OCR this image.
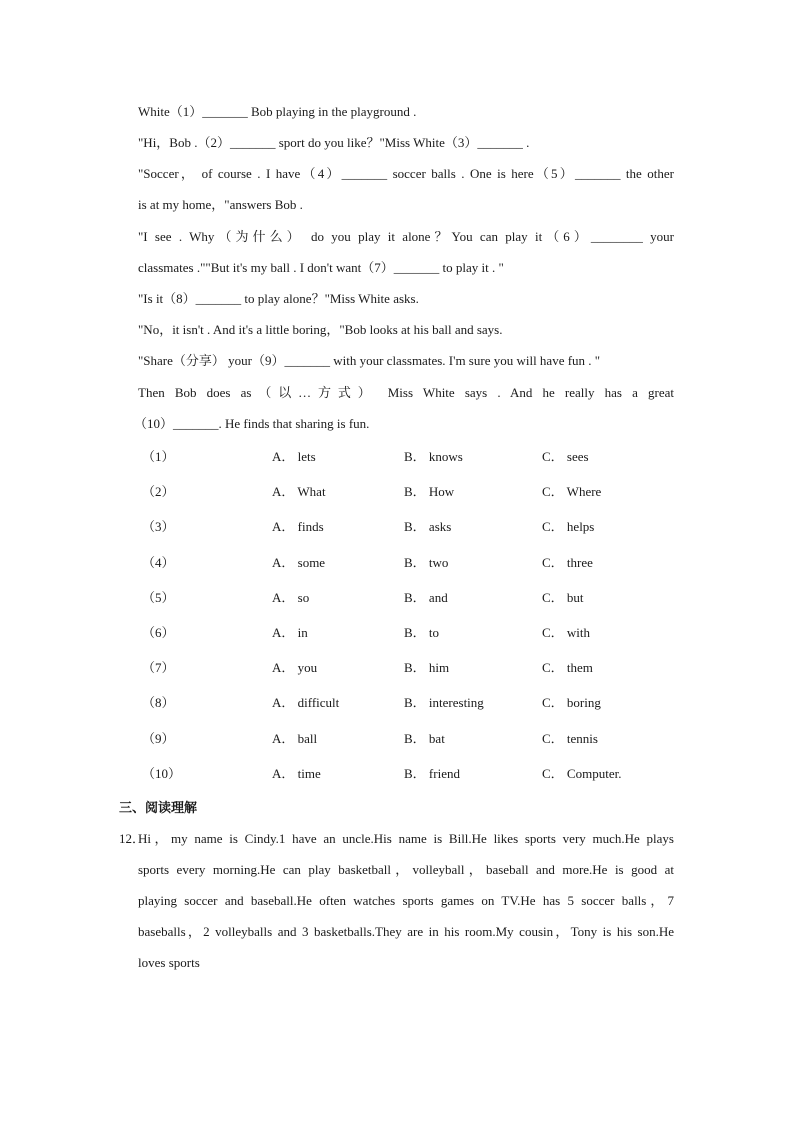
White（1）_______ Bob playing in the playground .
"Hi，Bob .（2）_______ sport do you like？"Miss White（3）_______ .
"Soccer， of course . I have（4）_______ soccer balls . One is here（5）_______ the other
is at my home，"answers Bob .
"I see . Why（为什么） do you play it alone？You can play it（6）________ your
classmates .""But it's my ball . I don't want（7）_______ to play it . "
"Is it（8）_______ to play alone？"Miss White asks.
"No，it isn't . And it's a little boring，"Bob looks at his ball and says.
"Share（分享） your（9）_______ with your classmates. I'm sure you will have fun . "
Then Bob does as（以…方式） Miss White says . And he really has a great
（10）_______. He finds that sharing is fun.
（1）	A． lets	B． knows	C． sees
（2）	A． What	B． How	C． Where
（3）	A． finds	B． asks	C． helps
（4）	A． some	B． two	C． three
（5）	A． so	B． and	C． but
（6）	A． in	B． to	C． with
（7）	A． you	B． him	C． them
（8）	A． difficult	B． interesting	C． boring
（9）	A． ball	B． bat	C． tennis
（10）	A． time	B． friend	C． Computer.
三、阅读理解
12．
Hi，my name is Cindy.1 have an uncle.His name is Bill.He likes sports very much.He plays
sports every morning.He can play basketball，volleyball，baseball and more.He is good at
playing soccer and baseball.He often watches sports games on TV.He has 5 soccer balls，7
baseballs，2 volleyballs and 3 basketballs.They are in his room.My cousin，Tony is his son.He
loves sports
